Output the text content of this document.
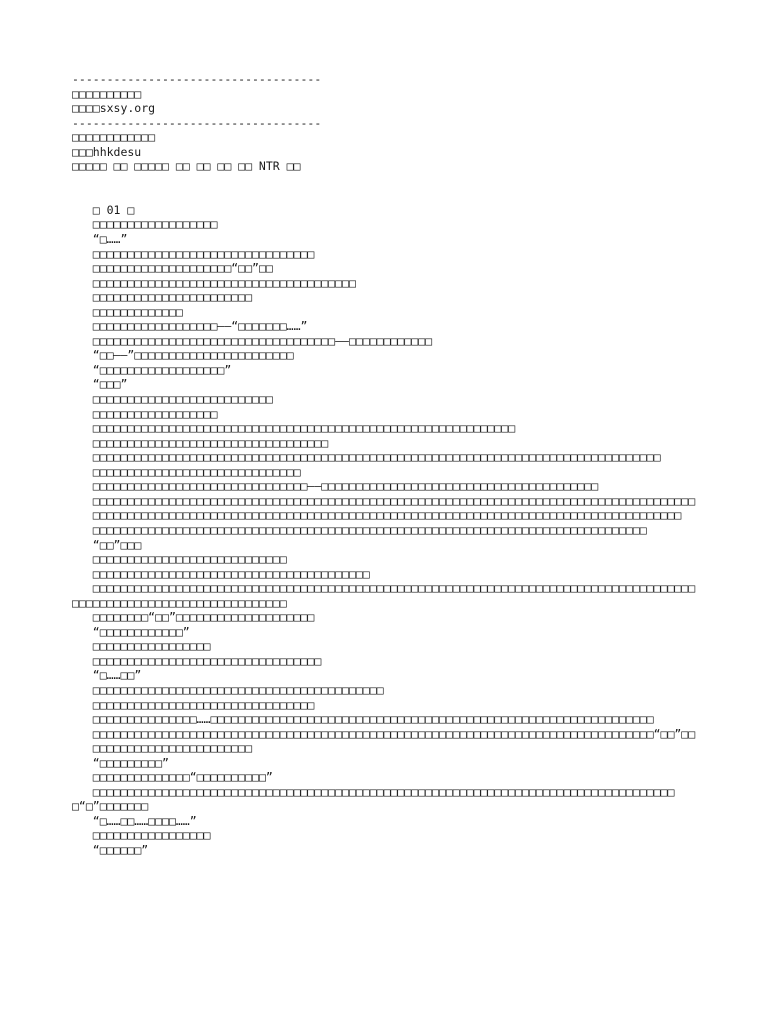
------------------------------------
□□□□□□□□□□
□□□□sxsy.org
------------------------------------
□□□□□□□□□□□□
□□□hhkdesu
□□□□□ □□ □□□□□ □□ □□ □□ □□ NTR □□
□ 01 □
□□□□□□□□□□□□□□□□□□
“□……”
□□□□□□□□□□□□□□□□□□□□□□□□□□□□□□□□
□□□□□□□□□□□□□□□□□□□□“□□”□□
□□□□□□□□□□□□□□□□□□□□□□□□□□□□□□□□□□□□□□
□□□□□□□□□□□□□□□□□□□□□□□
□□□□□□□□□□□□□
□□□□□□□□□□□□□□□□□□——“□□□□□□□……”
□□□□□□□□□□□□□□□□□□□□□□□□□□□□□□□□□□□——□□□□□□□□□□□□
“□□——”□□□□□□□□□□□□□□□□□□□□□□□
“□□□□□□□□□□□□□□□□□□”
“□□□”
□□□□□□□□□□□□□□□□□□□□□□□□□□
□□□□□□□□□□□□□□□□□□
□□□□□□□□□□□□□□□□□□□□□□□□□□□□□□□□□□□□□□□□□□□□□□□□□□□□□□□□□□□□□
□□□□□□□□□□□□□□□□□□□□□□□□□□□□□□□□□□
□□□□□□□□□□□□□□□□□□□□□□□□□□□□□□□□□□□□□□□□□□□□□□□□□□□□□□□□□□□□□□□□□□□□□□□□□□□□□□□□□□
□□□□□□□□□□□□□□□□□□□□□□□□□□□□□□
□□□□□□□□□□□□□□□□□□□□□□□□□□□□□□□——□□□□□□□□□□□□□□□□□□□□□□□□□□□□□□□□□□□□□□□□
□□□□□□□□□□□□□□□□□□□□□□□□□□□□□□□□□□□□□□□□□□□□□□□□□□□□□□□□□□□□□□□□□□□□□□□□□□□□□□□□□□□□□□□
□□□□□□□□□□□□□□□□□□□□□□□□□□□□□□□□□□□□□□□□□□□□□□□□□□□□□□□□□□□□□□□□□□□□□□□□□□□□□□□□□□□□□
□□□□□□□□□□□□□□□□□□□□□□□□□□□□□□□□□□□□□□□□□□□□□□□□□□□□□□□□□□□□□□□□□□□□□□□□□□□□□□□□
“□□”□□□
□□□□□□□□□□□□□□□□□□□□□□□□□□□□
□□□□□□□□□□□□□□□□□□□□□□□□□□□□□□□□□□□□□□□□
□□□□□□□□□□□□□□□□□□□□□□□□□□□□□□□□□□□□□□□□□□□□□□□□□□□□□□□□□□□□□□□□□□□□□□□□□□□□□□□□□□□□□□□□□□□□□□□□□□□□□□□□□□□□□□□□□□□□□□
□□□□□□□□“□□”□□□□□□□□□□□□□□□□□□□□
“□□□□□□□□□□□□”
□□□□□□□□□□□□□□□□□
□□□□□□□□□□□□□□□□□□□□□□□□□□□□□□□□□
“□……□□”
□□□□□□□□□□□□□□□□□□□□□□□□□□□□□□□□□□□□□□□□□□
□□□□□□□□□□□□□□□□□□□□□□□□□□□□□□□□
□□□□□□□□□□□□□□□……□□□□□□□□□□□□□□□□□□□□□□□□□□□□□□□□□□□□□□□□□□□□□□□□□□□□□□□□□□□□□□□□
□□□□□□□□□□□□□□□□□□□□□□□□□□□□□□□□□□□□□□□□□□□□□□□□□□□□□□□□□□□□□□□□□□□□□□□□□□□□□□□□□“□□”□□
□□□□□□□□□□□□□□□□□□□□□□□
“□□□□□□□□□”
□□□□□□□□□□□□□□“□□□□□□□□□□”
□□□□□□□□□□□□□□□□□□□□□□□□□□□□□□□□□□□□□□□□□□□□□□□□□□□□□□□□□□□□□□□□□□□□□□□□□□□□□□□□□□□□□“□”□□□□□□□
“□……□□……□□□□……”
□□□□□□□□□□□□□□□□□
“□□□□□□”
